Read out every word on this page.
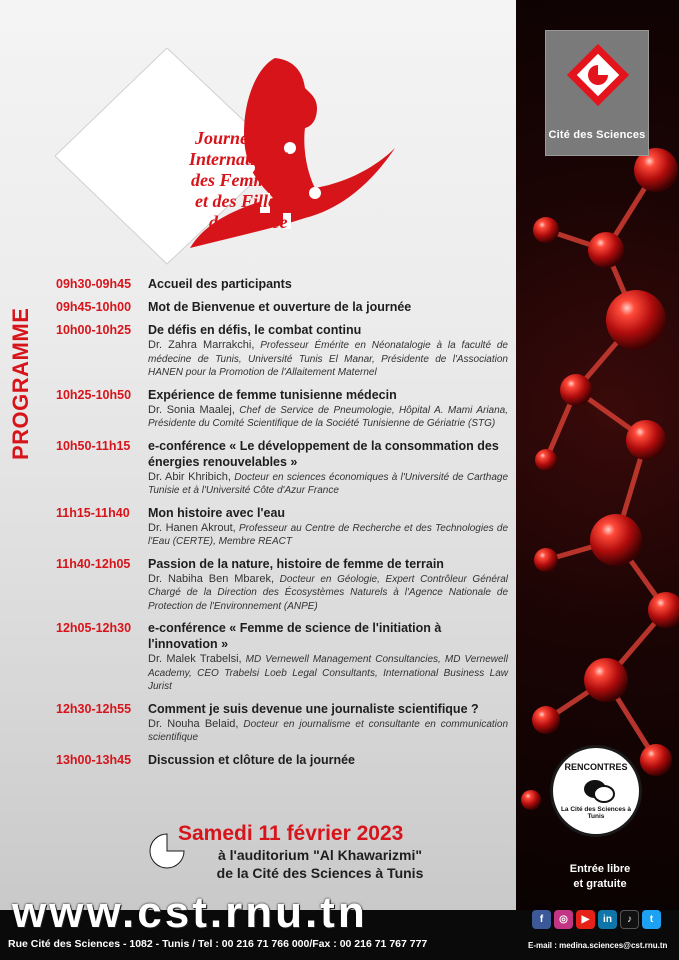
Cité des Sciences
Journée
Internationale
des Femmes
et des Filles
de Science
PROGRAMME
09h30-09h45	Accueil des participants
09h45-10h00	Mot de Bienvenue et ouverture de la journée
10h00-10h25	De défis en défis, le combat continu
Dr. Zahra Marrakchi, Professeur Émérite en Néonatalogie à la faculté de médecine de Tunis, Université Tunis El Manar, Présidente de l'Association HANEN pour la Promotion de l'Allaitement Maternel
10h25-10h50	Expérience de femme tunisienne médecin
Dr. Sonia Maalej, Chef de Service de Pneumologie, Hôpital A. Mami Ariana, Présidente du Comité Scientifique de la Société Tunisienne de Gériatrie (STG)
10h50-11h15	e-conférence « Le développement de la consommation des énergies renouvelables »
Dr. Abir Khribich, Docteur en sciences économiques à l'Université de Carthage Tunisie et à l'Université Côte d'Azur France
11h15-11h40	Mon histoire avec l'eau
Dr. Hanen Akrout, Professeur au Centre de Recherche et des Technologies de l'Eau (CERTE), Membre REACT
11h40-12h05	Passion de la nature, histoire de femme de terrain
Dr. Nabiha Ben Mbarek, Docteur en Géologie, Expert Contrôleur Général Chargé de la Direction des Écosystèmes Naturels à l'Agence Nationale de Protection de l'Environnement (ANPE)
12h05-12h30	e-conférence « Femme de science de l'initiation à l'innovation »
Dr. Malek Trabelsi, MD Vernewell Management Consultancies, MD Vernewell Academy, CEO Trabelsi Loeb Legal Consultants, International Business Law Jurist
12h30-12h55	Comment je suis devenue une journaliste scientifique ?
Dr. Nouha Belaid, Docteur en journalisme et consultante en communication scientifique
13h00-13h45	Discussion et clôture de la journée
Samedi 11 février 2023
à l'auditorium "Al Khawarizmi"
de la Cité des Sciences à Tunis
RENCONTRES
La Cité des Sciences à Tunis
Entrée libre
et gratuite
www.cst.rnu.tn
Rue Cité des Sciences - 1082 - Tunis / Tel : 00 216 71 766 000/Fax : 00 216 71 767 777
f	◎	▶	in	♪	t
E-mail : medina.sciences@cst.rnu.tn
